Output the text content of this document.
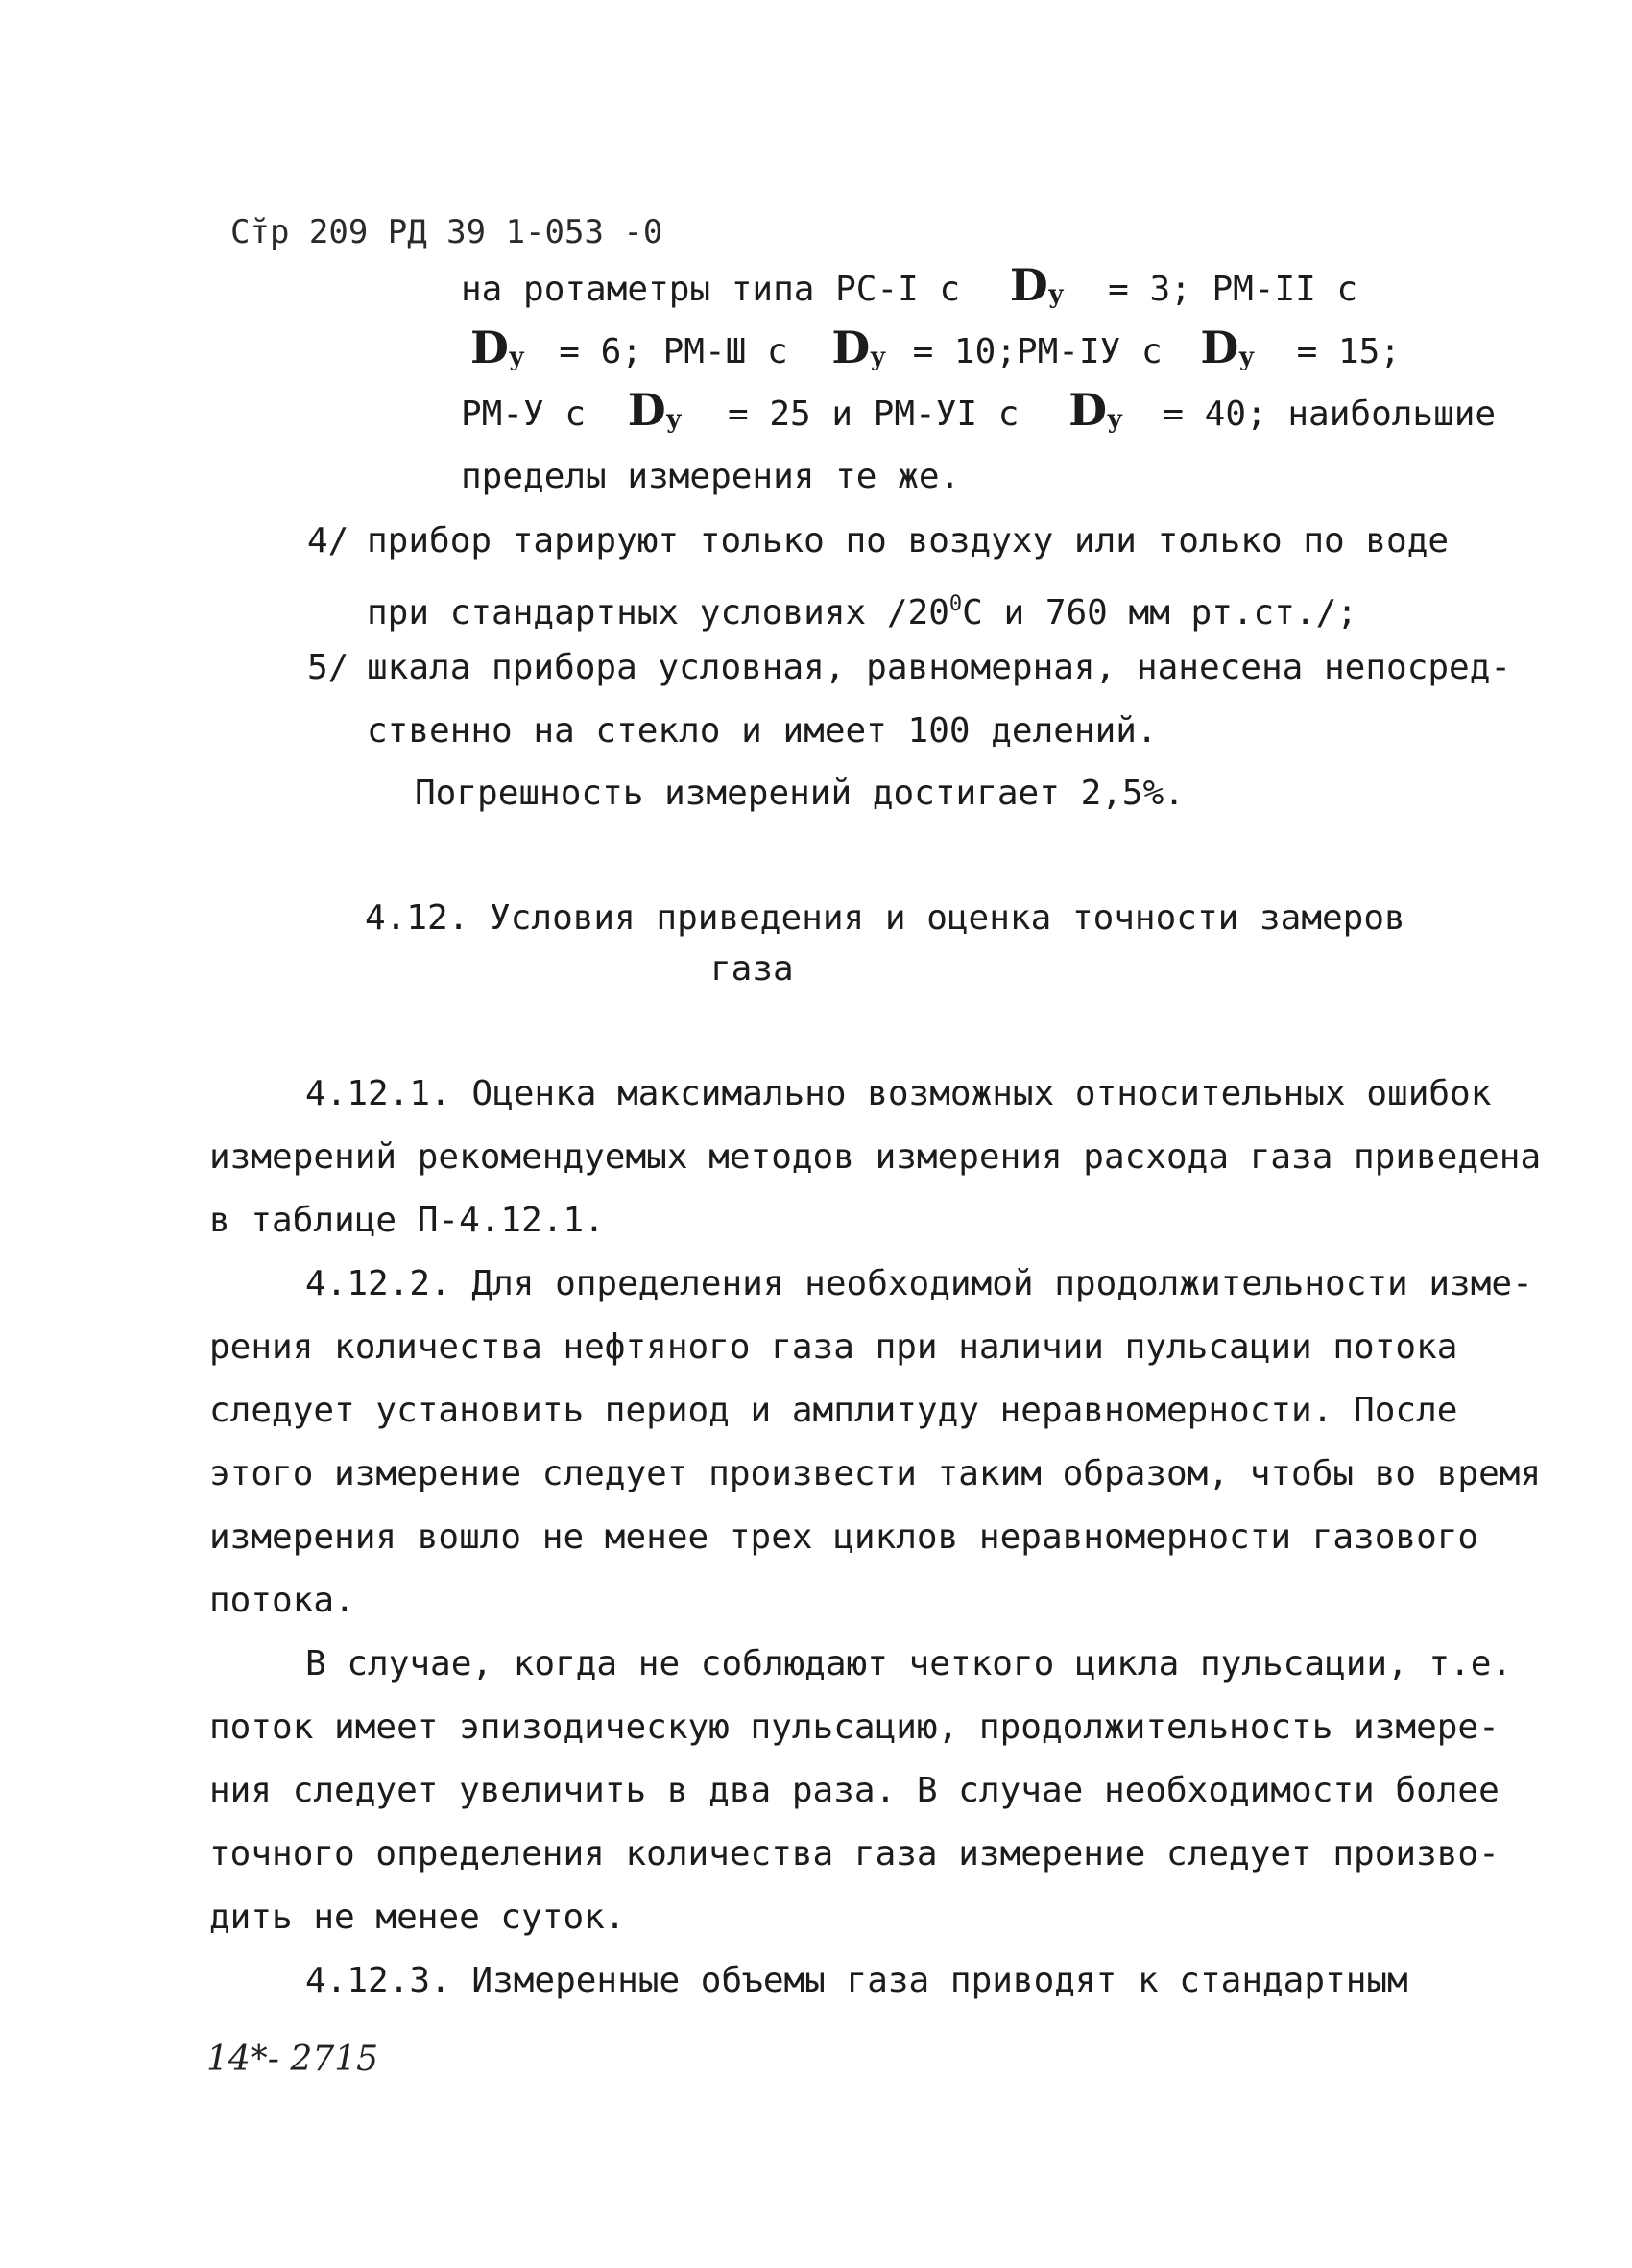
Ст̆р 209 РД 39 1-053 -0
на ротаметры типа РС-I с $D_у = 3$; РМ-II с
$D_у = 6$; РМ-Ш с $D_у$ = 10;РМ-IУ с $D_у = 15$;
РМ-У с $D_у = 25$ и РМ-УI с $D_у = 40$; наибольшие
пределы измерения те же.
4/ прибор тарируют только по воздуху или только по воде
при стандартных условиях $/20^0С$ и 760 мм рт.ст./;
5/ шкала прибора условная, равномерная, нанесена непосред-
ственно на стекло и имеет 100 делений.
Погрешность измерений достигает 2,5%.
4.12. Условия приведения и оценка точности замеров
газа
4.12.1. Оценка максимально возможных относительных ошибок
измерений рекомендуемых методов измерения расхода газа приведена
в таблице П-4.12.1.
4.12.2. Для определения необходимой продолжительности изме-
рения количества нефтяного газа при наличии пульсации потока
следует установить период и амплитуду неравномерности. После
этого измерение следует произвести таким образом, чтобы во время
измерения вошло не менее трех циклов неравномерности газового
потока.
В случае, когда не соблюдают четкого цикла пульсации, т.е.
поток имеет эпизодическую пульсацию, продолжительность измере-
ния следует увеличить в два раза. В случае необходимости более
точного определения количества газа измерение следует произво-
дить не менее суток.
4.12.3. Измеренные объемы газа приводят к стандартным
14*- 2715
